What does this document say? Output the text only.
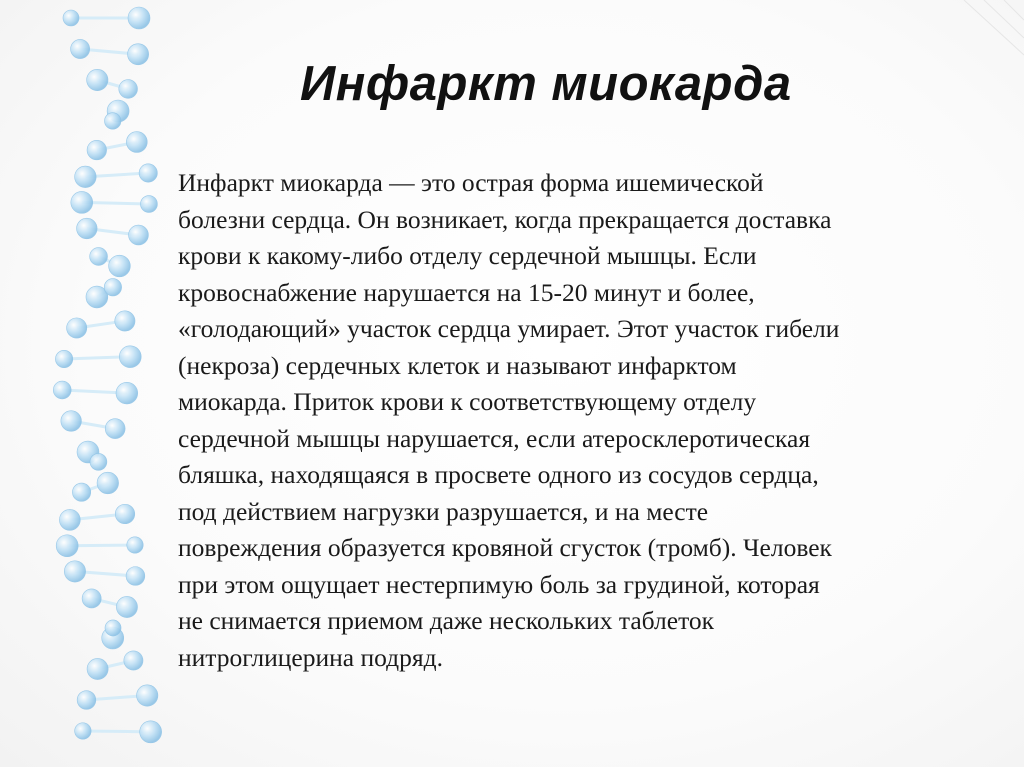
Инфаркт миокарда

Инфаркт миокарда — это острая форма ишемической
болезни сердца. Он возникает, когда прекращается доставка
крови к какому-либо отделу сердечной мышцы. Если
кровоснабжение нарушается на 15-20 минут и более,
«голодающий» участок сердца умирает. Этот участок гибели
(некроза) сердечных клеток и называют инфарктом
миокарда. Приток крови к соответствующему отделу
сердечной мышцы нарушается, если атеросклеротическая
бляшка, находящаяся в просвете одного из сосудов сердца,
под действием нагрузки разрушается, и на месте
повреждения образуется кровяной сгусток (тромб). Человек
при этом ощущает нестерпимую боль за грудиной, которая
не снимается приемом даже нескольких таблеток
нитроглицерина подряд.
